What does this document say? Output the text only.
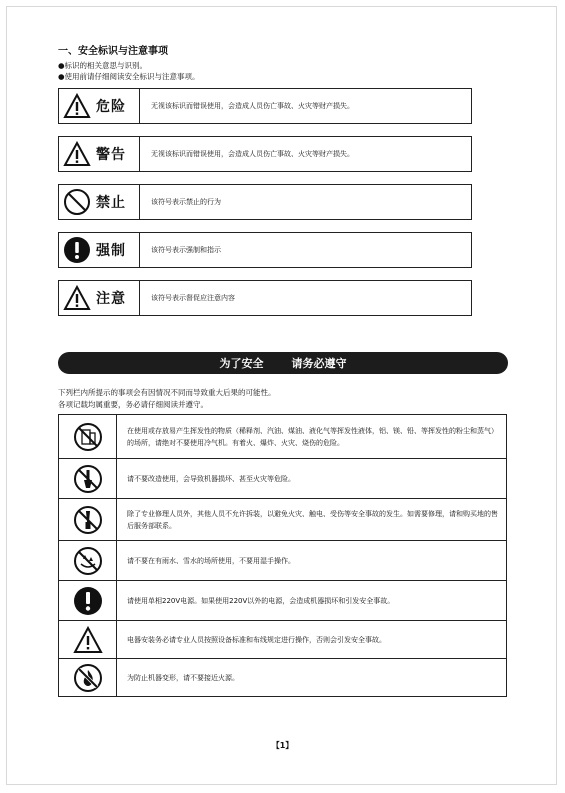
一、安全标识与注意事项
●标识的相关意思与识别。
●使用前请仔细阅读安全标识与注意事项。
危险	无视该标识而错误使用，会造成人员伤亡事故、火灾等财产损失。
警告	无视该标识而错误使用，会造成人员伤亡事故、火灾等财产损失。
禁止	该符号表示禁止的行为
强制	该符号表示强制和指示
注意	该符号表示督促应注意内容
为了安全	请务必遵守
下列栏内所提示的事项会有因情况不同而导致重大后果的可能性。
各项记载均属重要，务必请仔细阅读并遵守。
在使用或存放易产生挥发性的物质（稀释剂、汽油、煤油、液化气等挥发性液体，铝、镁、铅、等挥发性的粉尘和蒸气）的场所，请绝对不要使用冷气机。有着火、爆炸、火灾、烧伤的危险。
请不要改造使用，会导致机器损坏、甚至火灾等危险。
除了专业修理人员外，其他人员不允许拆装，以避免火灾、触电、受伤等安全事故的发生。如需要修理，请和购买地的售后服务部联系。
请不要在有雨水、雪水的场所使用，不要用湿手操作。
请使用单相220V电源。如果使用220V以外的电源，会造成机器损坏和引发安全事故。
电器安装务必请专业人员按照设备标准和布线规定进行操作，否则会引发安全事故。
为防止机器变形，请不要接近火源。
【1】
